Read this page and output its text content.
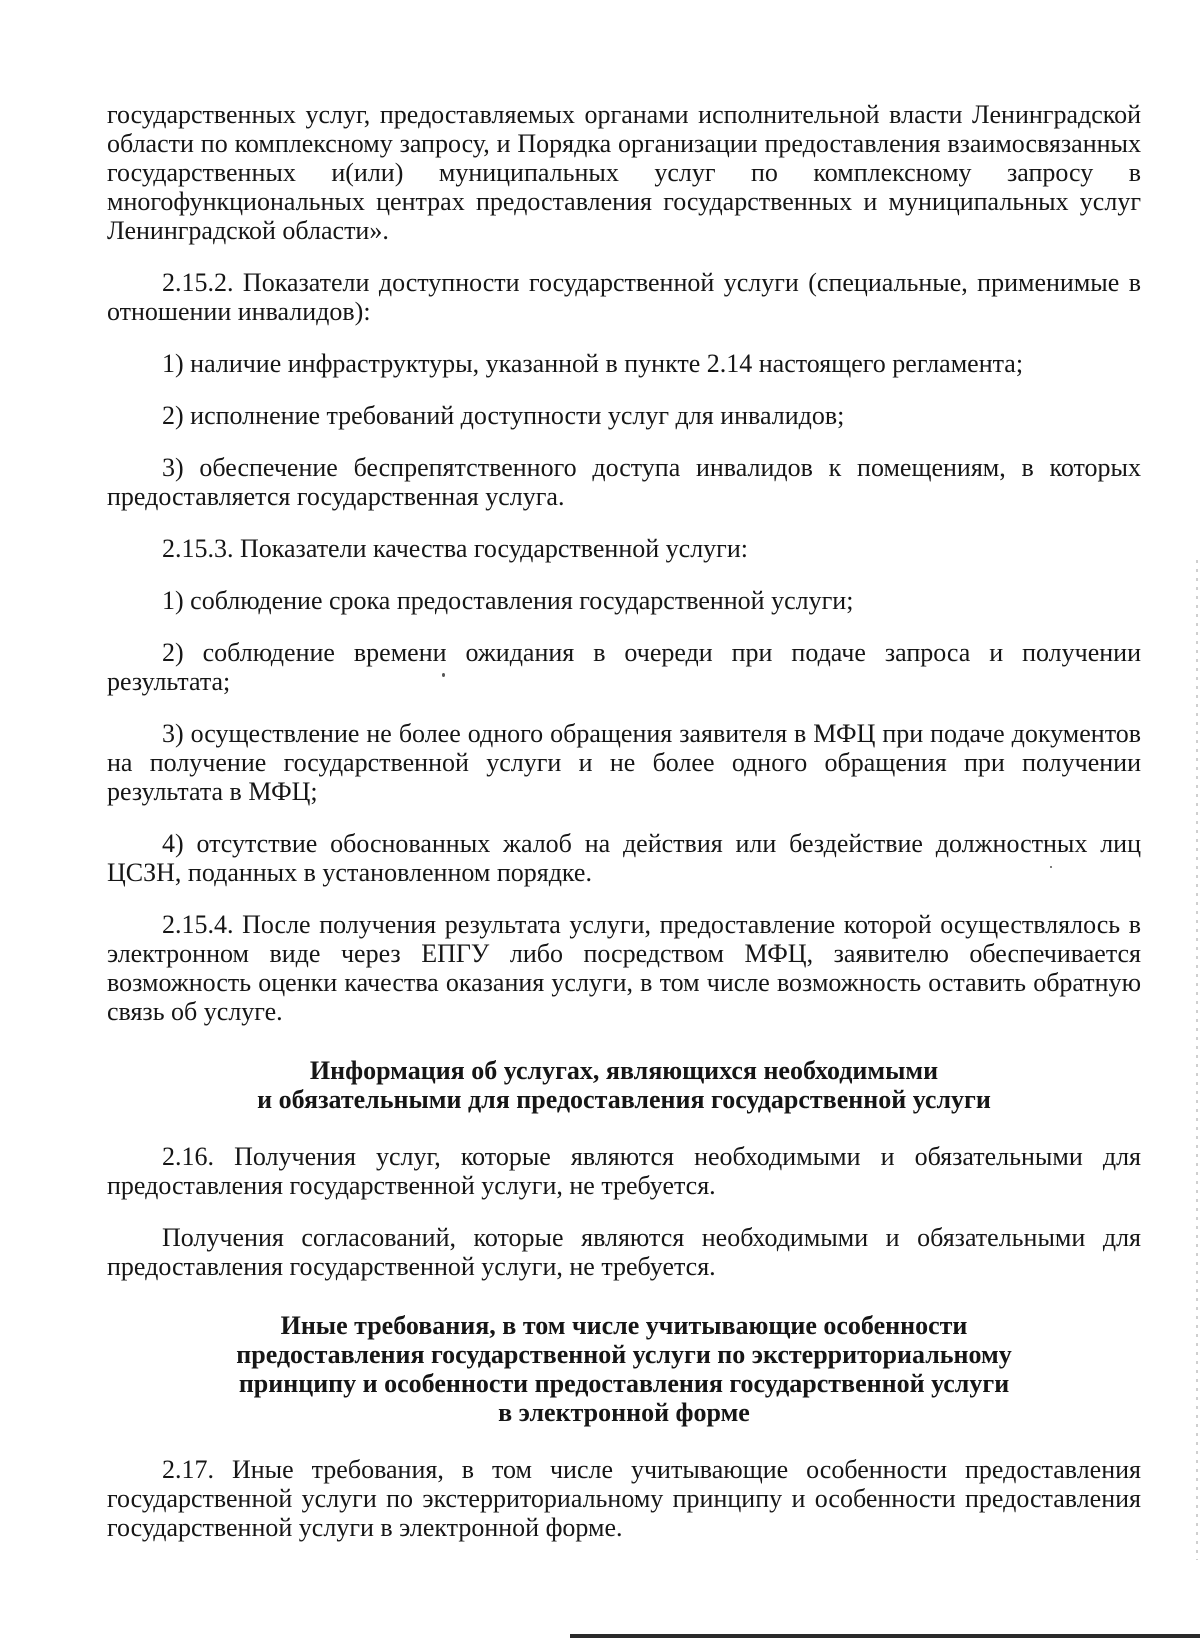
государственных услуг, предоставляемых органами исполнительной власти Ленинградской области по комплексному запросу, и Порядка организации предоставления взаимосвязанных государственных и(или) муниципальных услуг по комплексному запросу в многофункциональных центрах предоставления государственных и муниципальных услуг Ленинградской области».

2.15.2. Показатели доступности государственной услуги (специальные, применимые в отношении инвалидов):

1) наличие инфраструктуры, указанной в пункте 2.14 настоящего регламента;

2) исполнение требований доступности услуг для инвалидов;

3) обеспечение беспрепятственного доступа инвалидов к помещениям, в которых предоставляется государственная услуга.

2.15.3. Показатели качества государственной услуги:

1) соблюдение срока предоставления государственной услуги;

2) соблюдение времени ожидания в очереди при подаче запроса и получении результата;

3) осуществление не более одного обращения заявителя в МФЦ при подаче документов на получение государственной услуги и не более одного обращения при получении результата в МФЦ;

4) отсутствие обоснованных жалоб на действия или бездействие должностных лиц ЦСЗН, поданных в установленном порядке.

2.15.4. После получения результата услуги, предоставление которой осуществлялось в электронном виде через ЕПГУ либо посредством МФЦ, заявителю обеспечивается возможность оценки качества оказания услуги, в том числе возможность оставить обратную связь об услуге.

Информация об услугах, являющихся необходимыми
и обязательными для предоставления государственной услуги

2.16. Получения услуг, которые являются необходимыми и обязательными для предоставления государственной услуги, не требуется.

Получения согласований, которые являются необходимыми и обязательными для предоставления государственной услуги, не требуется.

Иные требования, в том числе учитывающие особенности
предоставления государственной услуги по экстерриториальному
принципу и особенности предоставления государственной услуги
в электронной форме

2.17. Иные требования, в том числе учитывающие особенности предоставления государственной услуги по экстерриториальному принципу и особенности предоставления государственной услуги в электронной форме.
